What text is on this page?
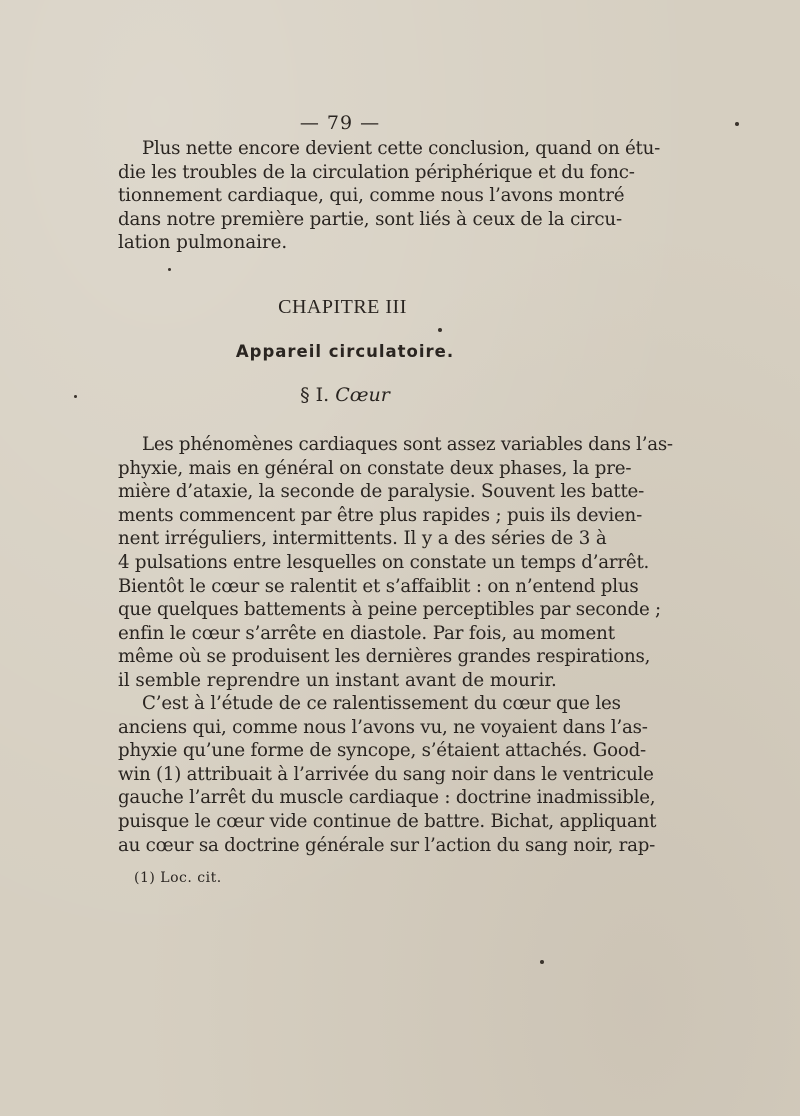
— 79 —

Plus nette encore devient cette conclusion, quand on étu-
die les troubles de la circulation périphérique et du fonc-
tionnement cardiaque, qui, comme nous l’avons montré
dans notre première partie, sont liés à ceux de la circu-
lation pulmonaire.

CHAPITRE III
Appareil circulatoire.
§ I. Cœur

Les phénomènes cardiaques sont assez variables dans l’as-
phyxie, mais en général on constate deux phases, la pre-
mière d’ataxie, la seconde de paralysie. Souvent les batte-
ments commencent par être plus rapides ; puis ils devien-
nent irréguliers, intermittents. Il y a des séries de 3 à
4 pulsations entre lesquelles on constate un temps d’arrêt.
Bientôt le cœur se ralentit et s’affaiblit : on n’entend plus
que quelques battements à peine perceptibles par seconde ;
enfin le cœur s’arrête en diastole. Par fois, au moment
même où se produisent les dernières grandes respirations,
il semble reprendre un instant avant de mourir.

C’est à l’étude de ce ralentissement du cœur que les
anciens qui, comme nous l’avons vu, ne voyaient dans l’as-
phyxie qu’une forme de syncope, s’étaient attachés. Good-
win (1) attribuait à l’arrivée du sang noir dans le ventricule
gauche l’arrêt du muscle cardiaque : doctrine inadmissible,
puisque le cœur vide continue de battre. Bichat, appliquant
au cœur sa doctrine générale sur l’action du sang noir, rap-

(1) Loc. cit.
